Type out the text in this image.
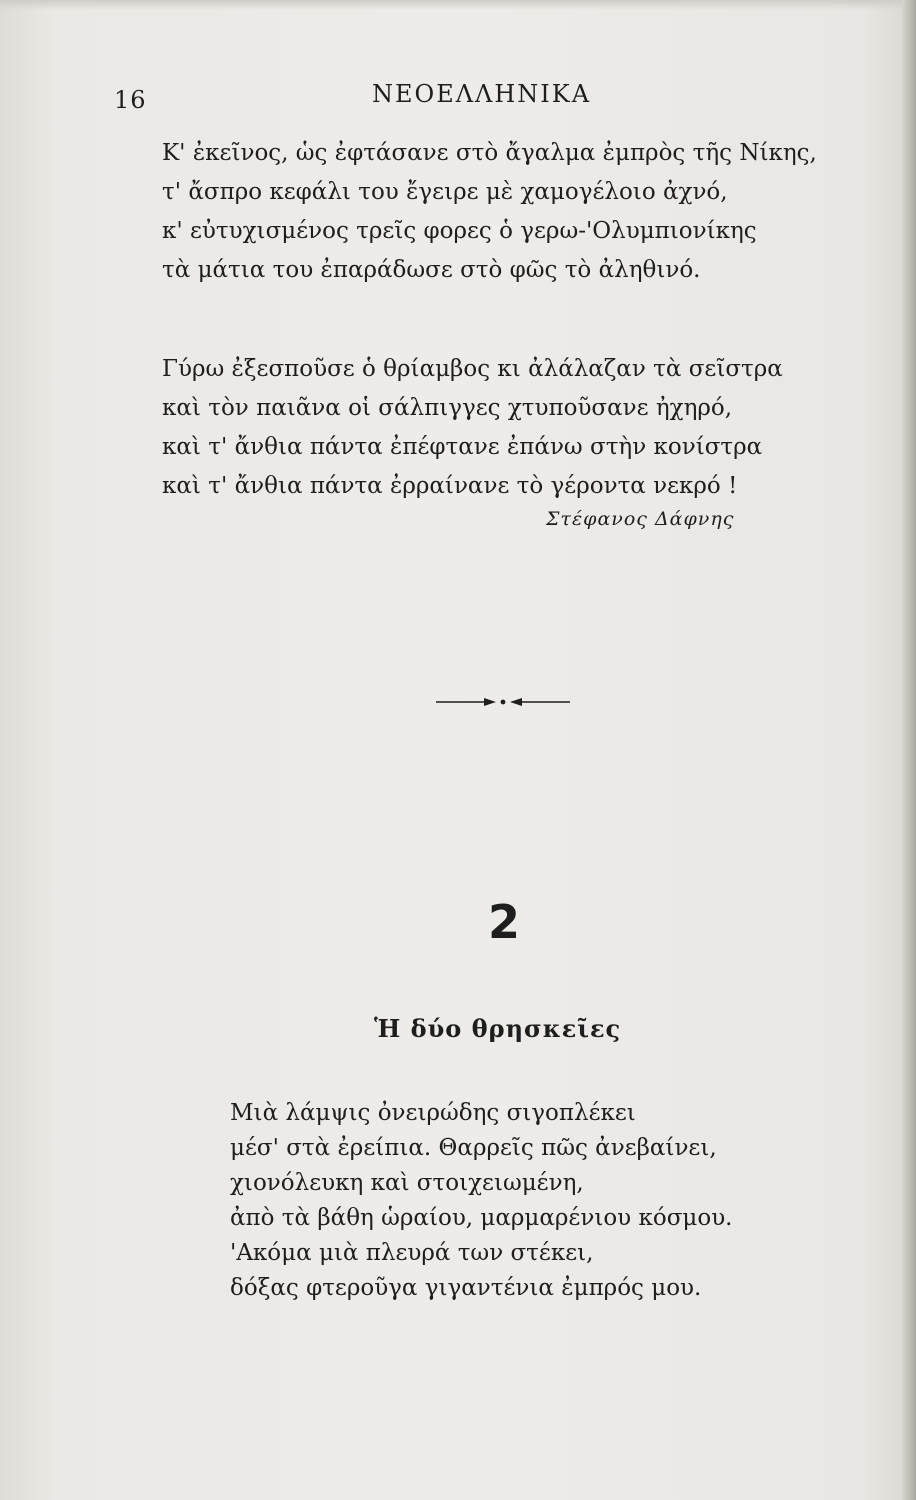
16	ΝΕΟΕΛΛΗΝΙΚΑ
Κ' ἐκεῖνος, ὡς ἐφτάσανε στὸ ἄγαλμα ἐμπρὸς τῆς Νίκης,
τ' ἄσπρο κεφάλι του ἔγειρε μὲ χαμογέλοιο ἀχνό,
κ' εὐτυχισμένος τρεῖς φορες ὁ γερω-'Ολυμπιονίκης
τὰ μάτια του ἐπαράδωσε στὸ φῶς τὸ ἀληθινό.
Γύρω ἐξεσποῦσε ὁ θρίαμβος κι ἀλάλαζαν τὰ σεῖστρα
καὶ τὸν παιᾶνα οἱ σάλπιγγες χτυποῦσανε ἠχηρό,
καὶ τ' ἄνθια πάντα ἐπέφτανε ἐπάνω στὴν κονίστρα
καὶ τ' ἄνθια πάντα ἐρραίνανε τὸ γέροντα νεκρό !
Στέφανος Δάφνης
2
Ἡ δύο θρησκεῖες
Μιὰ λάμψις ὀνειρώδης σιγοπλέκει
μέσ' στὰ ἐρείπια. Θαρρεῖς πῶς ἀνεβαίνει,
χιονόλευκη καὶ στοιχειωμένη,
ἀπὸ τὰ βάθη ὡραίου, μαρμαρένιου κόσμου.
'Ακόμα μιὰ πλευρά των στέκει,
δόξας φτεροῦγα γιγαντένια ἐμπρός μου.
